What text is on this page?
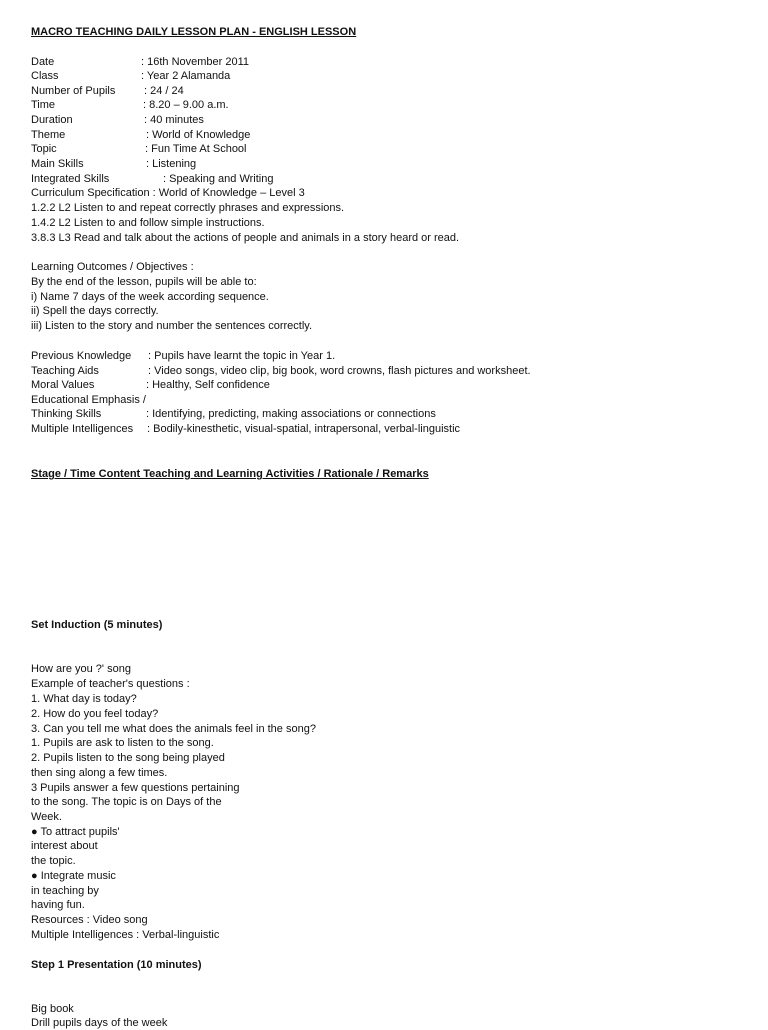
MACRO TEACHING DAILY LESSON PLAN - ENGLISH LESSON
Date	: 16th November 2011
Class	: Year 2 Alamanda
Number of Pupils	: 24 / 24
Time	: 8.20 – 9.00 a.m.
Duration	: 40 minutes
Theme	: World of Knowledge
Topic	: Fun Time At School
Main Skills	: Listening
Integrated Skills	: Speaking and Writing
Curriculum Specification : World of Knowledge – Level 3
1.2.2 L2 Listen to and repeat correctly phrases and expressions.
1.4.2 L2 Listen to and follow simple instructions.
3.8.3 L3 Read and talk about the actions of people and animals in a story heard or read.
Learning Outcomes / Objectives :
By the end of the lesson, pupils will be able to:
i) Name 7 days of the week according sequence.
ii) Spell the days correctly.
iii) Listen to the story and number the sentences correctly.
Previous Knowledge : Pupils have learnt the topic in Year 1.
Teaching Aids	: Video songs, video clip, big book, word crowns, flash pictures and worksheet.
Moral Values	: Healthy, Self confidence
Educational Emphasis /
Thinking Skills	: Identifying, predicting, making associations or connections
Multiple Intelligences : Bodily-kinesthetic, visual-spatial, intrapersonal, verbal-linguistic
Stage / Time Content Teaching and Learning Activities / Rationale / Remarks
Set Induction (5 minutes)
How are you ?' song
Example of teacher's questions :
1. What day is today?
2. How do you feel today?
3. Can you tell me what does the animals feel in the song?
1. Pupils are ask to listen to the song.
2. Pupils listen to the song being played
then sing along a few times.
3 Pupils answer a few questions pertaining
to the song. The topic is on Days of the
Week.
● To attract pupils'
interest about
the topic.
● Integrate music
in teaching by
having fun.
Resources : Video song
Multiple Intelligences : Verbal-linguistic
Step 1 Presentation (10 minutes)
Big book
Drill pupils days of the week
